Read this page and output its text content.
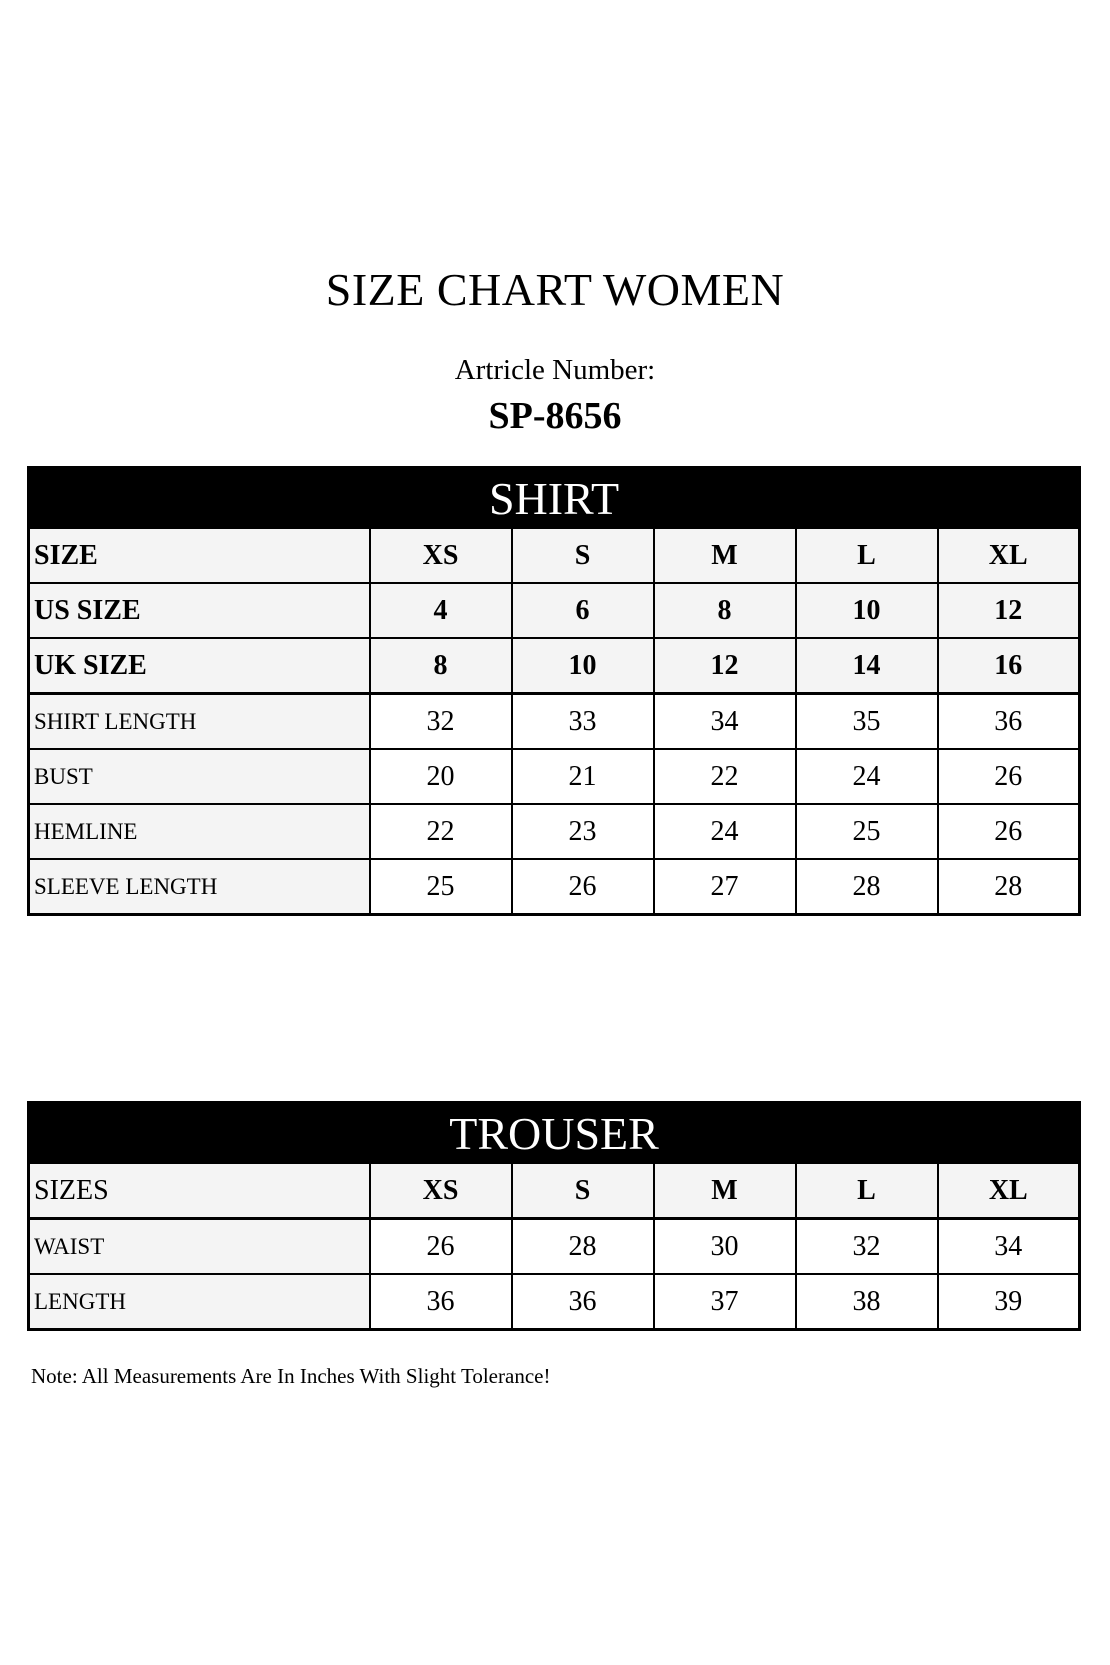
SIZE CHART WOMEN
Artricle Number:
SP-8656
SHIRT					
SIZE	XS	S	M	L	XL
US SIZE	4	6	8	10	12
UK SIZE	8	10	12	14	16
SHIRT LENGTH	32	33	34	35	36
BUST	20	21	22	24	26
HEMLINE	22	23	24	25	26
SLEEVE LENGTH	25	26	27	28	28
TROUSER					
SIZES	XS	S	M	L	XL
WAIST	26	28	30	32	34
LENGTH	36	36	37	38	39
Note: All Measurements Are In Inches With Slight Tolerance!
